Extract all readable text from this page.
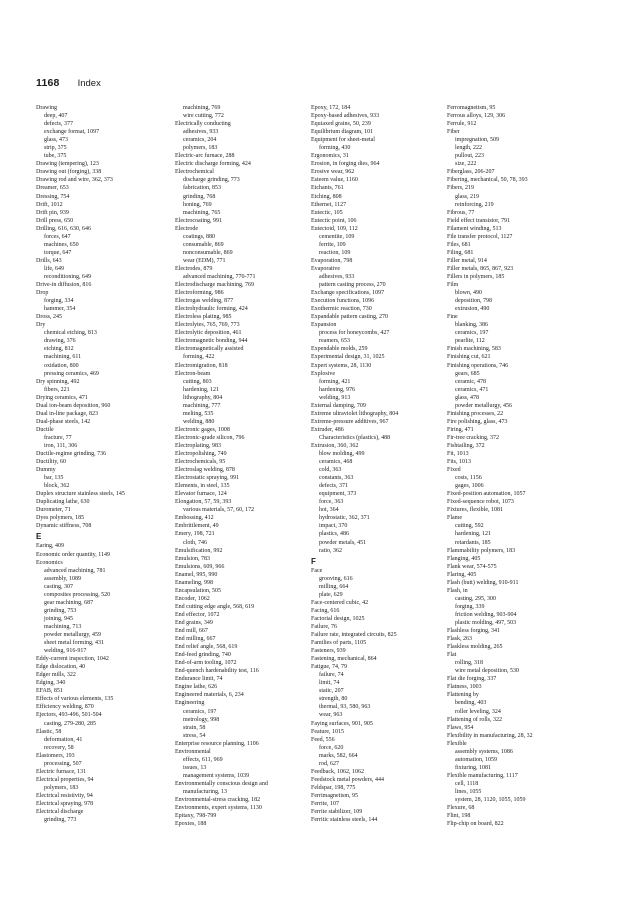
1168 Index
Drawing
deep, 407
defects, 377
exchange format, 1097
glass, 473
strip, 375
tube, 375
Drawing (tempering), 123
Drawing out (forging), 338
Drawing rod and wire, 362, 373
Dreamer, 653
Dressing, 754
Drift, 1012
Drift pin, 939
Drill press, 650
Drilling, 616, 630, 646
forces, 647
machines, 650
torque, 647
Drills, 643
life, 649
reconditioning, 649
Drive-in diffusion, 816
Drop
forging, 334
hammer, 354
Dross, 245
Dry
chemical etching, 813
drawing, 376
etching, 812
machining, 611
oxidation, 800
pressing ceramics, 469
Dry spinning, 492
fibers, 221
Drying ceramics, 471
Dual ion-beam deposition, 960
Dual in-line package, 823
Dual-phase steels, 142
Ductile
fracture, 77
iron, 111, 306
Ductile-regime grinding, 736
Ductility, 60
Dummy
bar, 135
block, 362
Duplex structure stainless steels, 145
Duplicating lathe, 630
Durometer, 71
Dyes polymers, 185
Dynamic stiffness, 708
E
Earing, 409
Economic order quantity, 1149
Economics
advanced machining, 781
assembly, 1089
casting, 307
composites processing, 520
gear machining, 687
grinding, 753
joining, 945
machining, 713
powder metallurgy, 459
sheet metal forming, 431
welding, 916-917
Eddy-current inspection, 1042
Edge dislocation, 40
Edger mills, 322
Edging, 340
EFAB, 851
Effects of various elements, 135
Efficiency welding, 870
Ejectors, 493-496, 501-504
casting, 279-280, 285
Elastic, 58
deformation, 41
recovery, 58
Elastomers, 193
processing, 507
Electric furnace, 131
Electrical properties, 94
polymers, 183
Electrical resistivity, 94
Electrical spraying, 978
Electrical discharge
grinding, 773
machining, 769
wire cutting, 772
Electrically conducting
adhesives, 933
ceramics, 204
polymers, 183
Electric-arc furnace, 288
Electric discharge forming, 424
Electrochemical
discharge grinding, 773
fabrication, 853
grinding, 768
honing, 769
machining, 765
Electrocoating, 991
Electrode
coatings, 880
consumable, 869
nonconsumable, 869
wear (EDM), 771
Electrodes, 879
advanced machining, 770-771
Electrodischarge machining, 769
Electroforming, 986
Electrogas welding, 877
Electrohydraulic forming, 424
Electroless plating, 985
Electrolytes, 765, 769, 773
Electrolytic deposition, 461
Electromagnetic bonding, 944
Electromagnetically assisted
forming, 422
Electromigration, 818
Electron-beam
cutting, 803
hardening, 121
lithography, 804
machining, 777
melting, 535
welding, 880
Electronic gages, 1008
Electronic-grade silicon, 796
Electroplating, 983
Electropolishing, 749
Electrochemicals, 95
Electroslag welding, 878
Electrostatic spraying, 991
Elements, in steel, 135
Elevator furnace, 124
Elongation, 57, 59, 393
various materials, 57, 60, 172
Embossing, 412
Embrittlement, 49
Emery, 198, 721
cloth, 746
Emulsification, 992
Emulsion, 783
Emulsions, 609, 966
Enamel, 995, 990
Enameling, 998
Encapsulation, 505
Encoder, 1062
End cutting edge angle, 568, 619
End effector, 1072
End grains, 349
End mill, 667
End milling, 667
End relief angle, 568, 619
End-feed grinding, 740
End-of-arm tooling, 1072
End-quench hardenability test, 116
Endurance limit, 74
Engine lathe, 626
Engineered materials, 6, 234
Engineering
ceramics, 197
metrology, 998
strain, 58
stress, 54
Enterprise resource planning, 1106
Environmental
effects, 611, 969
issues, 13
management systems, 1039
Environmentally conscious design and
manufacturing, 13
Environmental-stress cracking, 182
Environments, expert systems, 1130
Epitaxy, 798-799
Epoxies, 188
Epoxy, 172, 184
Epoxy-based adhesives, 933
Equiaxed grains, 50, 239
Equilibrium diagram, 101
Equipment for sheet-metal
forming, 430
Ergonomics, 31
Erosion, in forging dies, 964
Erosive wear, 962
Esteem value, 1160
Etchants, 761
Etching, 808
Ethernet, 1127
Eutectic, 105
Eutectic point, 106
Eutectoid, 109, 112
cementite, 109
ferrite, 109
reaction, 109
Evaporation, 798
Evaporative
adhesives, 933
pattern casting process, 270
Exchange specifications, 1097
Execution functions, 1096
Exothermic reaction, 730
Expandable pattern casting, 270
Expansion
process for honeycombs, 427
reamers, 653
Expendable molds, 259
Experimental design, 31, 1025
Expert systems, 28, 1130
Explosive
forming, 421
hardening, 976
welding, 913
External damping, 709
Extreme ultraviolet lithography, 804
Extreme-pressure additives, 967
Extruder, 486
Characteristics (plastics), 488
Extrusion, 360, 362
blow molding, 499
ceramics, 468
cold, 363
constants, 363
defects, 371
equipment, 373
force, 363
hot, 364
hydrostatic, 362, 371
impact, 370
plastics, 486
powder metals, 451
ratio, 362
F
Face
grooving, 616
milling, 664
plate, 629
Face-centered cubic, 42
Facing, 616
Factorial design, 1025
Failure, 76
Failure rate, integrated circuits, 825
Families of parts, 1105
Fasteners, 939
Fastening, mechanical, 864
Fatigue, 74, 79
failure, 74
limit, 74
static, 207
strength, 80
thermal, 93, 580, 963
wear, 963
Faying surfaces, 901, 905
Feature, 1015
Feed, 556
force, 620
marks, 582, 664
rod, 627
Feedback, 1062, 1062
Feedstock metal powders, 444
Feldspar, 198, 775
Ferrimagnetism, 95
Ferrite, 107
Ferrite stabilizer, 109
Ferritic stainless steels, 144
Ferromagnetism, 95
Ferrous alloys, 129, 306
Ferrule, 912
Fiber
impregnation, 509
length, 222
pullout, 223
size, 222
Fiberglass, 206-207
Fibering, mechanical, 50, 78, 393
Fibers, 219
glass, 219
reinforcing, 219
Fibrous, 77
Field effect transistor, 791
Filament winding, 513
File transfer protocol, 1127
Files, 681
Filing, 681
Filler metal, 914
Filler metals, 865, 867, 923
Fillers in polymers, 185
Film
blown, 490
deposition, 798
extrusion, 490
Fine
blanking, 386
ceramics, 197
pearlite, 112
Finish machining, 583
Finishing cut, 621
Finishing operations, 746
gears, 685
ceramic, 478
ceramics, 471
glass, 478
powder metallurgy, 456
Finishing processes, 22
Fire polishing, glass, 473
Firing, 471
Fir-tree cracking, 372
Fishtailing, 372
Fit, 1013
Fits, 1013
Fixed
costs, 1156
gages, 1006
Fixed-position automation, 1057
Fixed-sequence robot, 1073
Fixtures, flexible, 1081
Flame
cutting, 592
hardening, 121
retardants, 185
Flammability polymers, 183
Flanging, 405
Flank wear, 574-575
Flaring, 405
Flash (butt) welding, 910-911
Flash, in
casting, 295, 300
forging, 339
friction welding, 903-904
plastic molding, 497, 503
Flashless forging, 341
Flask, 263
Flaskless molding, 265
Flat
rolling, 318
wire metal deposition, 530
Flat die forging, 337
Flatness, 1003
Flattening by
bending, 403
roller leveling, 324
Flattening of rolls, 322
Flaws, 954
Flexibility in manufacturing, 28, 32
Flexible
assembly systems, 1086
automation, 1059
fixturing, 1081
Flexible manufacturing, 1117
cell, 1118
lines, 1055
system, 28, 1120, 1055, 1059
Flexure, 68
Flint, 198
Flip-chip on board, 822
